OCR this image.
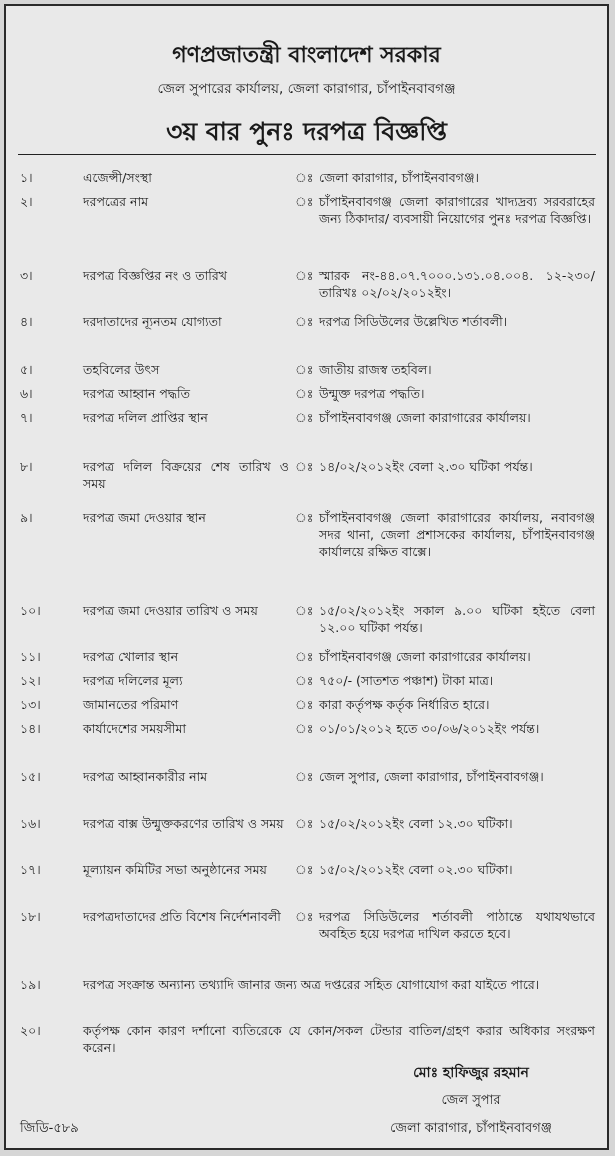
গণপ্রজাতন্ত্রী বাংলাদেশ সরকার
জেল সুপারের কার্যালয়, জেলা কারাগার, চাঁপাইনবাবগঞ্জ
৩য় বার পুনঃ দরপত্র বিজ্ঞপ্তি
১।	এজেন্সী/সংস্থা	ঃ জেলা কারাগার, চাঁপাইনবাবগঞ্জ।
২।	দরপত্রের নাম	ঃ চাঁপাইনবাবগঞ্জ জেলা কারাগারের খাদ্যদ্রব্য সরবরাহের জন্য ঠিকাদার/ ব্যবসায়ী নিয়োগের পুনঃ দরপত্র বিজ্ঞপ্তি।
৩।	দরপত্র বিজ্ঞপ্তির নং ও তারিখ	ঃ স্মারক নং-৪৪.০৭.৭০০০.১৩১.০৪.০০৪. ১২-২৩০/তারিখঃ ০২/০২/২০১২ইং।
৪।	দরদাতাদের ন্যূনতম যোগ্যতা	ঃ দরপত্র সিডিউলের উল্লেখিত শর্তাবলী।
৫।	তহবিলের উৎস	ঃ জাতীয় রাজস্ব তহবিল।
৬।	দরপত্র আহ্বান পদ্ধতি	ঃ উন্মুক্ত দরপত্র পদ্ধতি।
৭।	দরপত্র দলিল প্রাপ্তির স্থান	ঃ চাঁপাইনবাবগঞ্জ জেলা কারাগারের কার্যালয়।
৮।	দরপত্র দলিল বিক্রয়ের শেষ তারিখ ও সময়
ঃ ১৪/০২/২০১২ইং বেলা ২.৩০ ঘটিকা পর্যন্ত।
৯।	দরপত্র জমা দেওয়ার স্থান	ঃ চাঁপাইনবাবগঞ্জ জেলা কারাগারের কার্যালয়, নবাবগঞ্জ সদর থানা, জেলা প্রশাসকের কার্যালয়, চাঁপাইনবাবগঞ্জ কার্যালয়ে রক্ষিত বাক্সে।
১০।	দরপত্র জমা দেওয়ার তারিখ ও সময়	ঃ ১৫/০২/২০১২ইং সকাল ৯.০০ ঘটিকা হইতে বেলা ১২.০০ ঘটিকা পর্যন্ত।
১১।	দরপত্র খোলার স্থান	ঃ চাঁপাইনবাবগঞ্জ জেলা কারাগারের কার্যালয়।
১২।	দরপত্র দলিলের মূল্য	ঃ ৭৫০/- (সাতশত পঞ্চাশ) টাকা মাত্র।
১৩।	জামানতের পরিমাণ	ঃ কারা কর্তৃপক্ষ কর্তৃক নির্ধারিত হারে।
১৪।	কার্যাদেশের সময়সীমা	ঃ ০১/০১/২০১২ হতে ৩০/০৬/২০১২ইং পর্যন্ত।
১৫।	দরপত্র আহ্বানকারীর নাম	ঃ জেল সুপার, জেলা কারাগার, চাঁপাইনবাবগঞ্জ।
১৬।	দরপত্র বাক্স উন্মুক্তকরণের তারিখ ও সময় ঃ ১৫/০২/২০১২ইং বেলা ১২.৩০ ঘটিকা।
১৭।	মূল্যায়ন কমিটির সভা অনুষ্ঠানের সময়	ঃ ১৫/০২/২০১২ইং বেলা ০২.৩০ ঘটিকা।
১৮।	দরপত্রদাতাদের প্রতি বিশেষ নির্দেশনাবলী	ঃ দরপত্র সিডিউলের শর্তাবলী পাঠান্তে যথাযথভাবে অবহিত হয়ে দরপত্র দাখিল করতে হবে।
১৯।	দরপত্র সংক্রান্ত অন্যান্য তথ্যাদি জানার জন্য অত্র দপ্তরের সহিত যোগাযোগ করা যাইতে পারে।
২০।	কর্তৃপক্ষ কোন কারণ দর্শানো ব্যতিরেকে যে কোন/সকল টেন্ডার বাতিল/গ্রহণ করার অধিকার সংরক্ষণ করেন।
মোঃ হাফিজুর রহমান
জেল সুপার
জিডি-৫৮৯	জেলা কারাগার, চাঁপাইনবাবগঞ্জ
